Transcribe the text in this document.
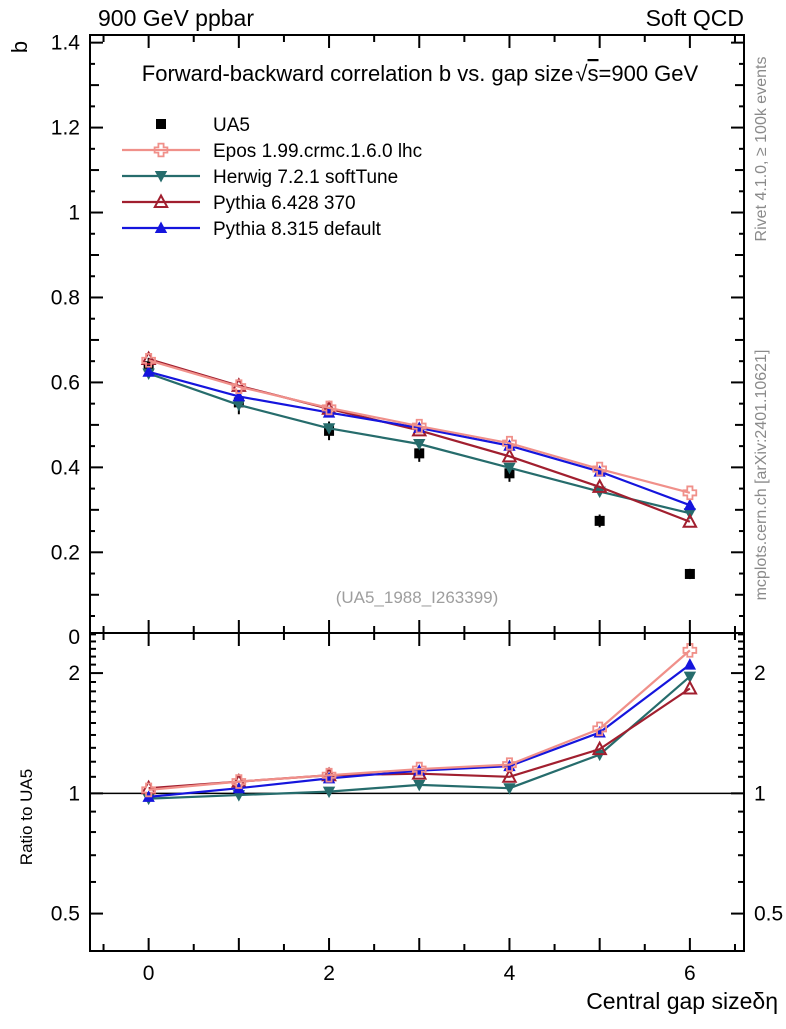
0	2	4	6
0
0.2
0.4
0.6
0.8
1
1.2
1.4
0.5	0.5
1	1
2	2
UA5
Epos 1.99.crmc.1.6.0 lhc
Herwig 7.2.1 softTune
Pythia 6.428 370
Pythia 8.315 default
900 GeV ppbar	Soft QCD
Forward-backward correlation b vs. gap size√s=900 GeV
b
Ratio to UA5
Rivet 4.1.0, ≥ 100k events
mcplots.cern.ch [arXiv:2401.10621]
(UA5_1988_I263399)
Central gap sizeδη
